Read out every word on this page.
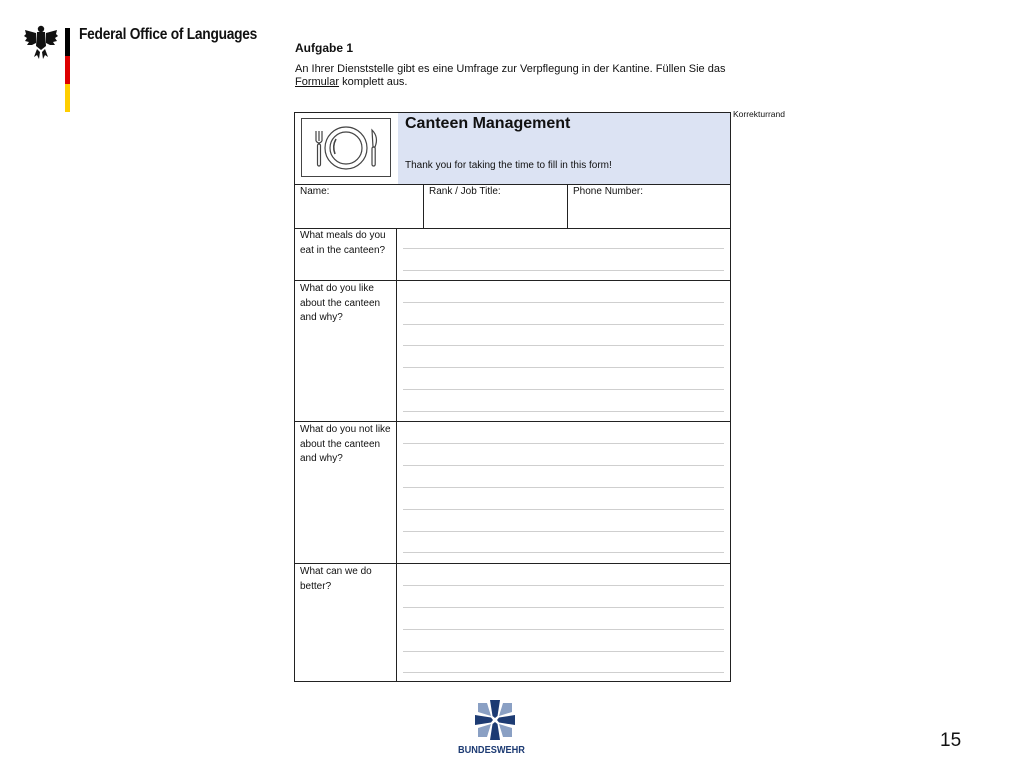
Federal Office of Languages
Aufgabe 1
An Ihrer Dienststelle gibt es eine Umfrage zur Verpflegung in der Kantine. Füllen Sie das Formular komplett aus.
Korrekturrand
Canteen Management
Thank you for taking the time to fill in this form!
Name:	Rank / Job Title:	Phone Number:
What meals do you eat in the canteen?
What do you like about the canteen and why?
What do you not like about the canteen and why?
What can we do better?
BUNDESWEHR	15
